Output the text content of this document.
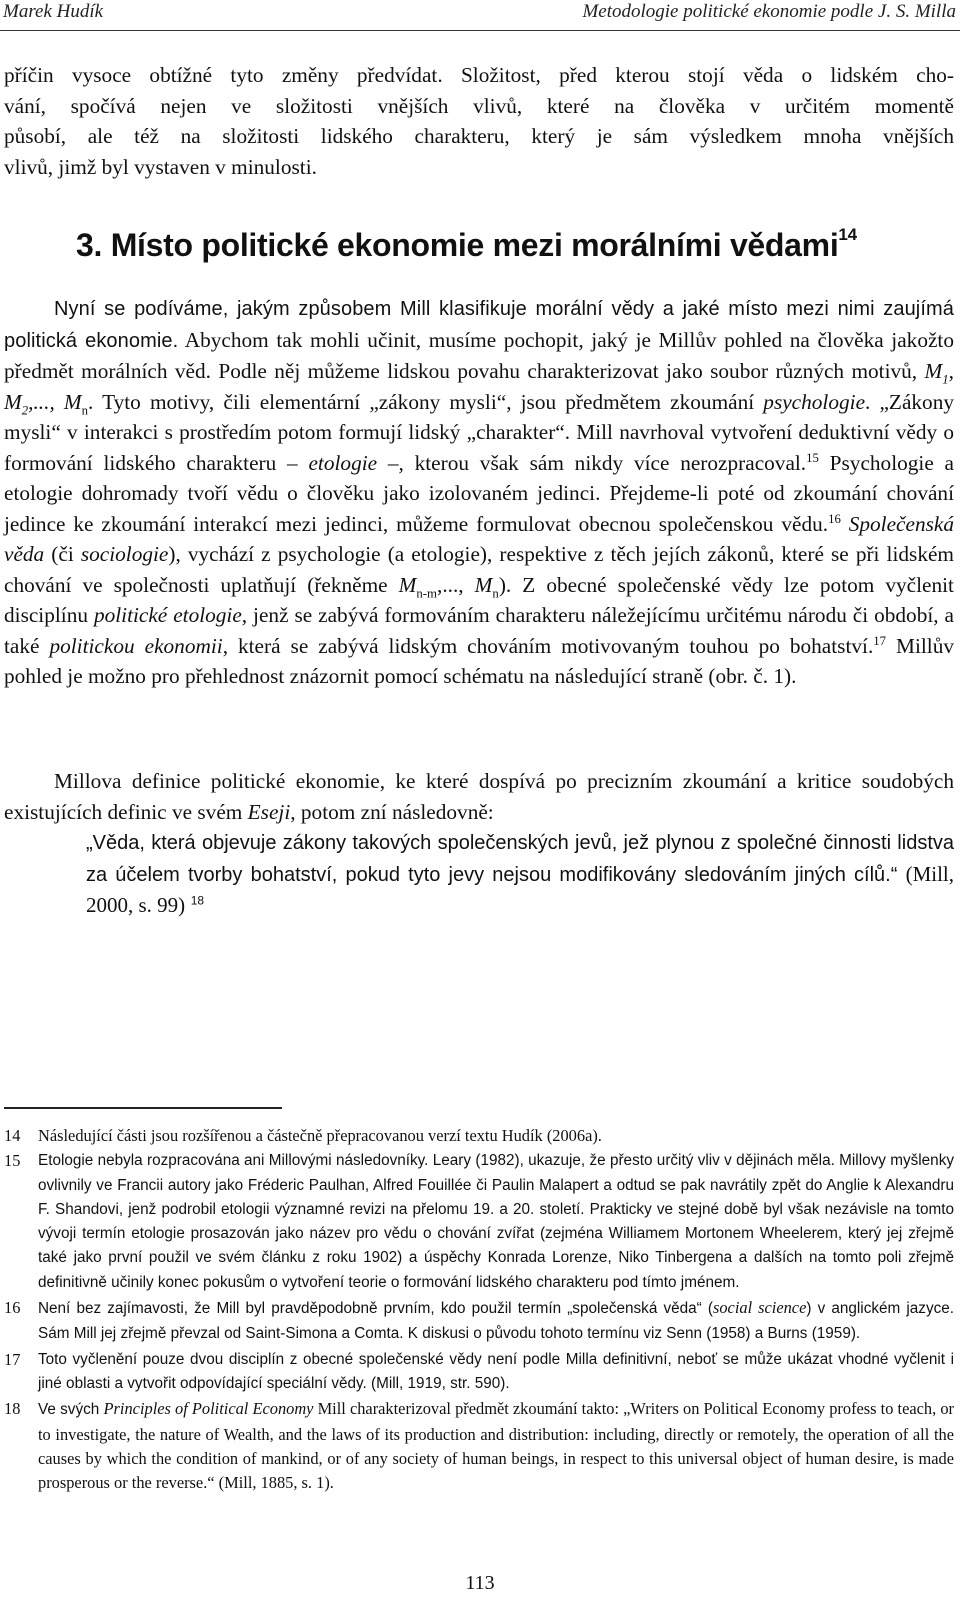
Marek Hudík	Metodologie politické ekonomie podle J. S. Milla

příčin vysoce obtížné tyto změny předvídat. Složitost, před kterou stojí věda o lidském cho-

vání, spočívá nejen ve složitosti vnějších vlivů, které na člověka v určitém momentě

působí, ale též na složitosti lidského charakteru, který je sám výsledkem mnoha vnějších

vlivů, jimž byl vystaven v minulosti.

3. Místo politické ekonomie mezi morálními vědami$^{14}$

Nyní se podíváme, jakým způsobem Mill klasifikuje morální vědy a jaké místo mezi nimi zaujímá politická ekonomie. Abychom tak mohli učinit, musíme pochopit, jaký je Millův pohled na člověka jakožto předmět morálních věd. Podle něj můžeme lidskou povahu charakterizovat jako soubor různých motivů, $M_1$, $M_2$,..., $M_n$. Tyto motivy, čili elementární „zákony mysli“, jsou předmětem zkoumání psychologie. „Zákony mysli“ v interakci s prostředím potom formují lidský „charakter“. Mill navrhoval vytvoření deduktivní vědy o formování lidského charakteru – etologie –, kterou však sám nikdy více nerozpracoval.$^{15}$ Psychologie a etologie dohromady tvoří vědu o člověku jako izolovaném jedinci. Přejdeme-li poté od zkoumání chování jedince ke zkoumání interakcí mezi jedinci, můžeme formulovat obecnou společenskou vědu.$^{16}$ Společenská věda (či sociologie), vychází z psychologie (a etologie), respektive z těch jejích zákonů, které se při lidském chování ve společnosti uplatňují (řekněme $M_{n-m}$,..., $M_n$). Z obecné společenské vědy lze potom vyčlenit disciplínu politické etologie, jenž se zabývá formováním charakteru náležejícímu určitému národu či období, a také politickou ekonomii, která se zabývá lidským chováním motivovaným touhou po bohatství.$^{17}$ Millův pohled je možno pro přehlednost znázornit pomocí schématu na následující straně (obr. č. 1).

Millova definice politické ekonomie, ke které dospívá po precizním zkoumání a kritice soudobých existujících definic ve svém Eseji, potom zní následovně:

„Věda, která objevuje zákony takových společenských jevů, jež plynou z společné činnosti lidstva za účelem tvorby bohatství, pokud tyto jevy nejsou modifikovány sledováním jiných cílů.“ (Mill, 2000, s. 99) $^{18}$
14	Následující části jsou rozšířenou a částečně přepracovanou verzí textu Hudík (2006a).
15	Etologie nebyla rozpracována ani Millovými následovníky. Leary (1982), ukazuje, že přesto určitý vliv v dějinách měla. Millovy myšlenky ovlivnily ve Francii autory jako Fréderic Paulhan, Alfred Fouillée či Paulin Malapert a odtud se pak navrátily zpět do Anglie k Alexandru F. Shandovi, jenž podrobil etologii významné revizi na přelomu 19. a 20. století. Prakticky ve stejné době byl však nezávisle na tomto vývoji termín etologie prosazován jako název pro vědu o chování zvířat (zejména Williamem Mortonem Wheelerem, který jej zřejmě také jako první použil ve svém článku z roku 1902) a úspěchy Konrada Lorenze, Niko Tinbergena a dalších na tomto poli zřejmě definitivně učinily konec pokusům o vytvoření teorie o formování lidského charakteru pod tímto jménem.
16	Není bez zajímavosti, že Mill byl pravděpodobně prvním, kdo použil termín „společenská věda“ (social science) v anglickém jazyce. Sám Mill jej zřejmě převzal od Saint-Simona a Comta. K diskusi o původu tohoto termínu viz Senn (1958) a Burns (1959).
17	Toto vyčlenění pouze dvou disciplín z obecné společenské vědy není podle Milla definitivní, neboť se může ukázat vhodné vyčlenit i jiné oblasti a vytvořit odpovídající speciální vědy. (Mill, 1919, str. 590).
18	Ve svých Principles of Political Economy Mill charakterizoval předmět zkoumání takto: „Writers on Political Economy profess to teach, or to investigate, the nature of Wealth, and the laws of its production and distribution: including, directly or remotely, the operation of all the causes by which the condition of mankind, or of any society of human beings, in respect to this universal object of human desire, is made prosperous or the reverse.“ (Mill, 1885, s. 1).
113
